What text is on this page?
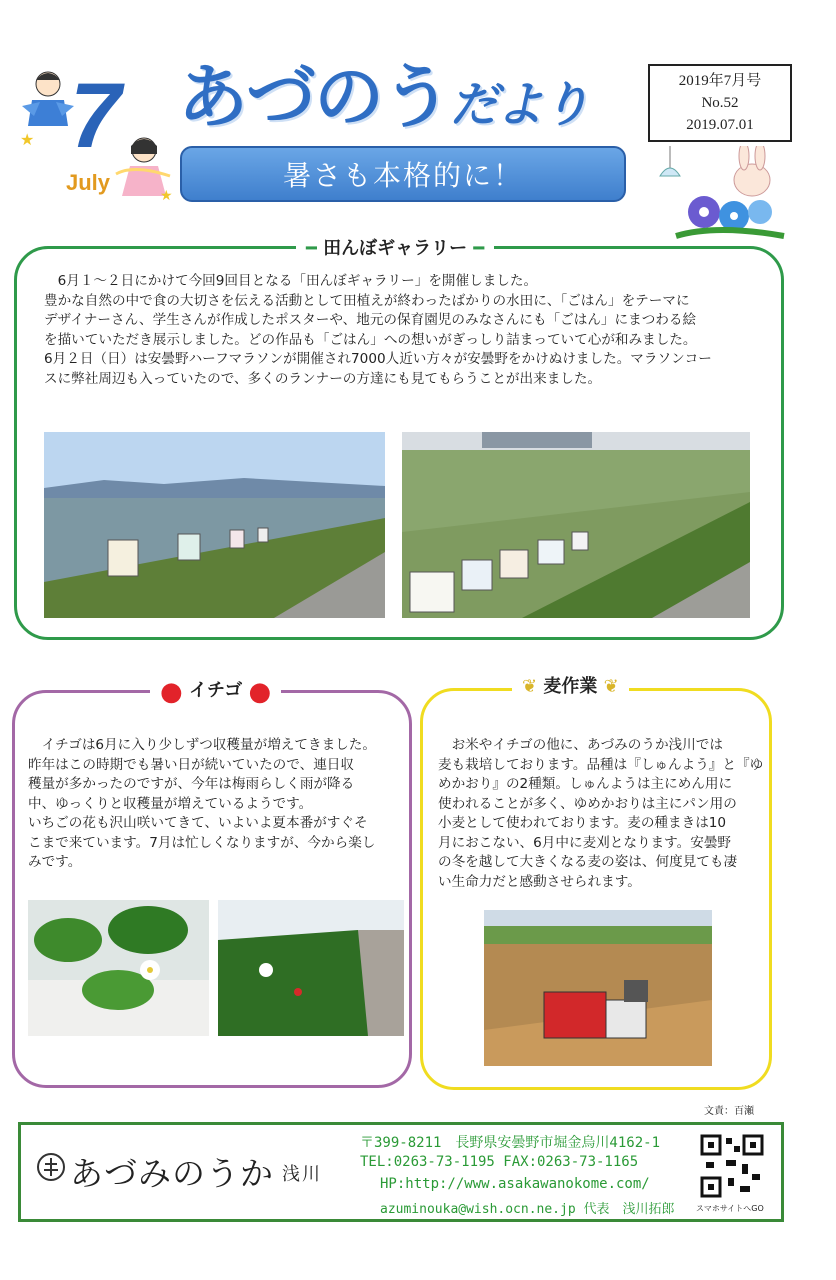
7
★
★
July
あづのうだより
暑さも本格的に！
2019年7月号
No.52
2019.07.01
━ 田んぼギャラリー ━
6月１～２日にかけて今回9回目となる「田んぼギャラリー」を開催しました。
豊かな自然の中で食の大切さを伝える活動として田植えが終わったばかりの水田に、「ごはん」をテーマに
デザイナーさん、学生さんが作成したポスターや、地元の保育園児のみなさんにも「ごはん」にまつわる絵
を描いていただき展示しました。どの作品も「ごはん」への想いがぎっしり詰まっていて心が和みました。
6月２日（日）は安曇野ハーフマラソンが開催され7000人近い方々が安曇野をかけぬけました。マラソンコー
スに弊社周辺も入っていたので、多くのランナーの方達にも見てもらうことが出来ました。
● イチゴ ●
イチゴは6月に入り少しずつ収穫量が増えてきました。
昨年はこの時期でも暑い日が続いていたので、連日収
穫量が多かったのですが、今年は梅雨らしく雨が降る
中、ゆっくりと収穫量が増えているようです。
いちごの花も沢山咲いてきて、いよいよ夏本番がすぐそ
こまで来ています。7月は忙しくなりますが、今から楽し
みです。
❦ 麦作業 ❦
お米やイチゴの他に、あづみのうか浅川では
麦も栽培しております。品種は『しゅんよう』と『ゆ
めかおり』の2種類。しゅんようは主にめん用に
使われることが多く、ゆめかおりは主にパン用の
小麦として使われております。麦の種まきは10
月におこない、6月中に麦刈となります。安曇野
の冬を越して大きくなる麦の姿は、何度見ても凄
い生命力だと感動させられます。
文責：百瀬
あづみのうか 浅川
〒399-8211　長野県安曇野市堀金烏川4162-1
TEL:0263-73-1195 FAX:0263-73-1165
HP:http://www.asakawanokome.com/
azuminouka@wish.ocn.ne.jp 代表　浅川拓郎	スマホサイトへGO
